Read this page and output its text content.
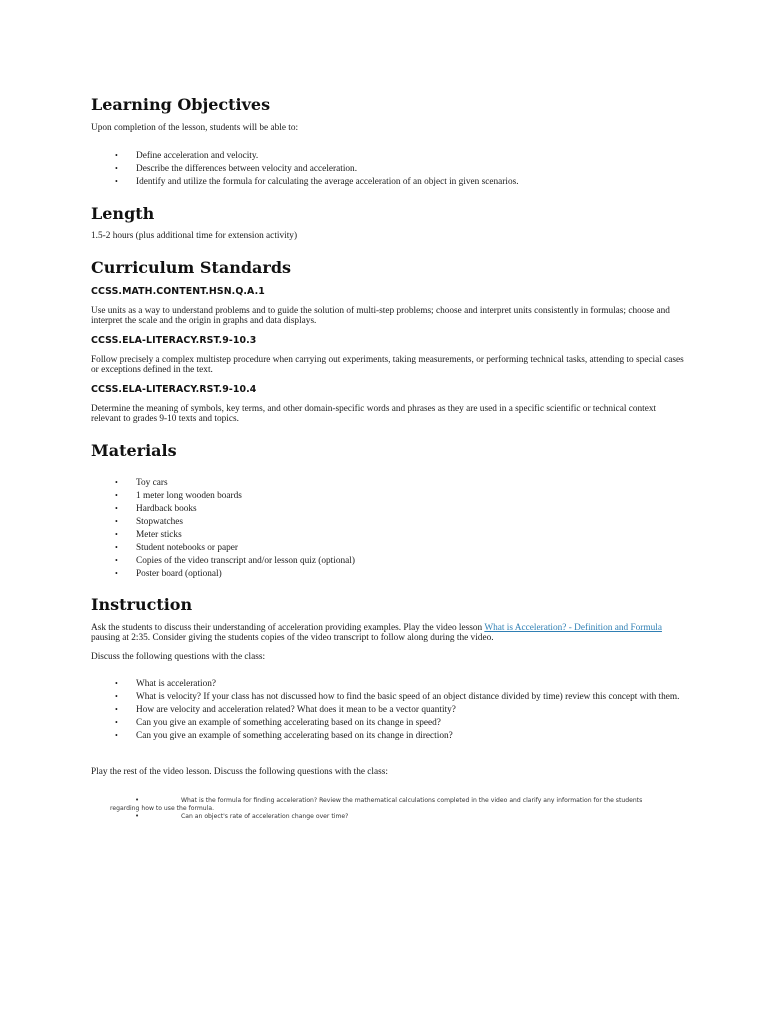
Learning Objectives

Upon completion of the lesson, students will be able to:

• Define acceleration and velocity.
• Describe the differences between velocity and acceleration.
• Identify and utilize the formula for calculating the average acceleration of an object in given scenarios.
Length

1.5-2 hours (plus additional time for extension activity)

Curriculum Standards
CCSS.MATH.CONTENT.HSN.Q.A.1

Use units as a way to understand problems and to guide the solution of multi-step problems; choose and interpret units consistently in formulas; choose and interpret the scale and the origin in graphs and data displays.

CCSS.ELA-LITERACY.RST.9-10.3

Follow precisely a complex multistep procedure when carrying out experiments, taking measurements, or performing technical tasks, attending to special cases or exceptions defined in the text.

CCSS.ELA-LITERACY.RST.9-10.4

Determine the meaning of symbols, key terms, and other domain-specific words and phrases as they are used in a specific scientific or technical context relevant to grades 9-10 texts and topics.

Materials
• Toy cars
• 1 meter long wooden boards
• Hardback books
• Stopwatches
• Meter sticks
• Student notebooks or paper
• Copies of the video transcript and/or lesson quiz (optional)
• Poster board (optional)
Instruction

Ask the students to discuss their understanding of acceleration providing examples. Play the video lesson What is Acceleration? - Definition and Formula pausing at 2:35. Consider giving the students copies of the video transcript to follow along during the video.

Discuss the following questions with the class:

• What is acceleration?
• What is velocity? If your class has not discussed how to find the basic speed of an object distance divided by time) review this concept with them.
• How are velocity and acceleration related? What does it mean to be a vector quantity?
• Can you give an example of something accelerating based on its change in speed?
• Can you give an example of something accelerating based on its change in direction?

Play the rest of the video lesson. Discuss the following questions with the class:

•	What is the formula for finding acceleration? Review the mathematical calculations completed in the video and clarify any information for the students regarding how to use the formula.
•	Can an object's rate of acceleration change over time?
